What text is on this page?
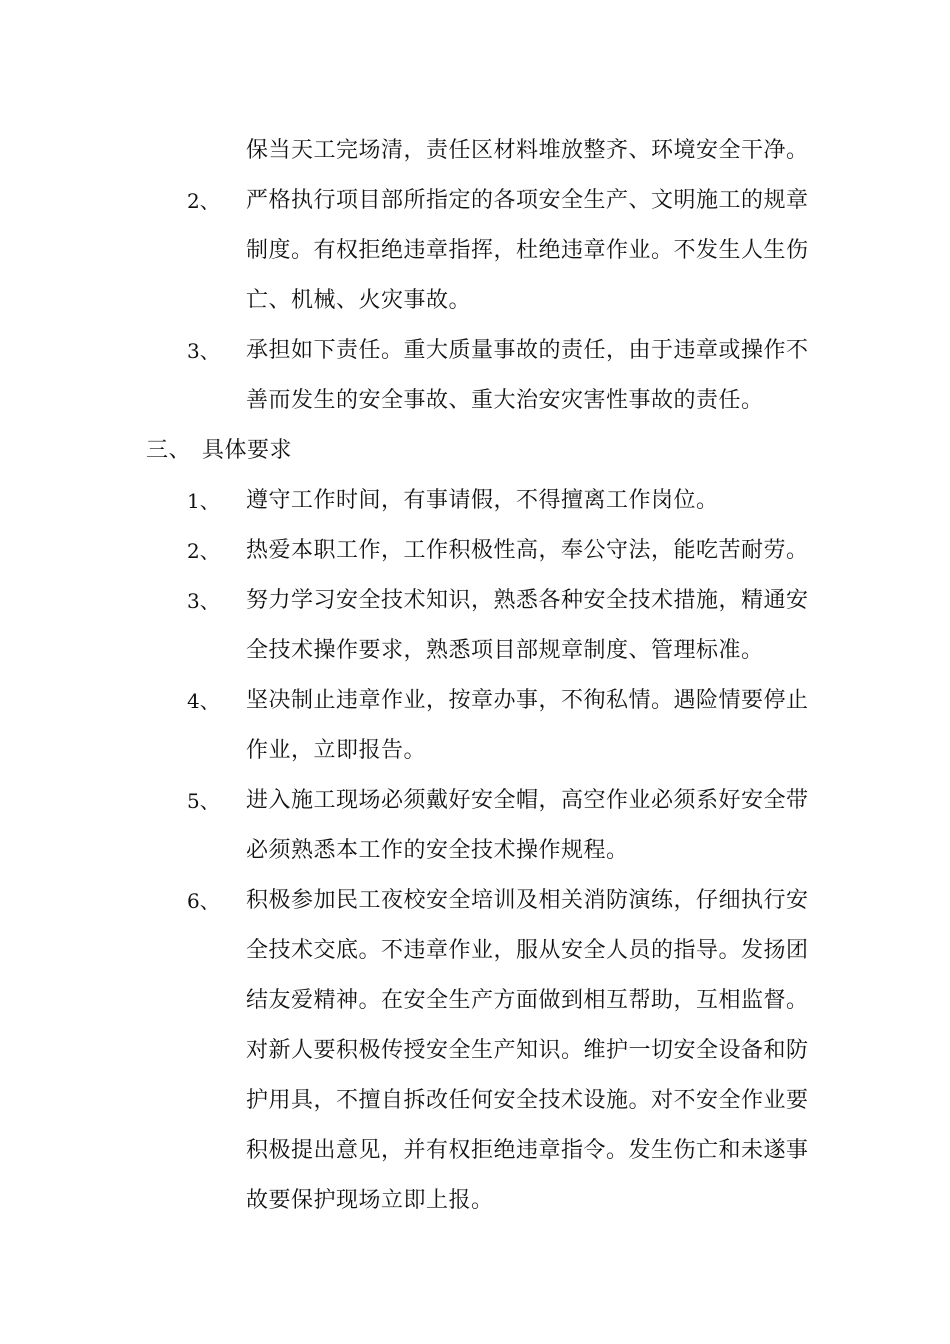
保当天工完场清，责任区材料堆放整齐、环境安全干净。
2、 严格执行项目部所指定的各项安全生产、文明施工的规章
制度。有权拒绝违章指挥，杜绝违章作业。不发生人生伤
亡、机械、火灾事故。
3、 承担如下责任。重大质量事故的责任，由于违章或操作不
善而发生的安全事故、重大治安灾害性事故的责任。
三、 具体要求
1、 遵守工作时间，有事请假，不得擅离工作岗位。
2、 热爱本职工作，工作积极性高，奉公守法，能吃苦耐劳。
3、 努力学习安全技术知识，熟悉各种安全技术措施，精通安
全技术操作要求，熟悉项目部规章制度、管理标准。
4、 坚决制止违章作业，按章办事，不徇私情。遇险情要停止
作业，立即报告。
5、 进入施工现场必须戴好安全帽，高空作业必须系好安全带
必须熟悉本工作的安全技术操作规程。
6、 积极参加民工夜校安全培训及相关消防演练，仔细执行安
全技术交底。不违章作业，服从安全人员的指导。发扬团
结友爱精神。在安全生产方面做到相互帮助，互相监督。
对新人要积极传授安全生产知识。维护一切安全设备和防
护用具，不擅自拆改任何安全技术设施。对不安全作业要
积极提出意见，并有权拒绝违章指令。发生伤亡和未遂事
故要保护现场立即上报。
